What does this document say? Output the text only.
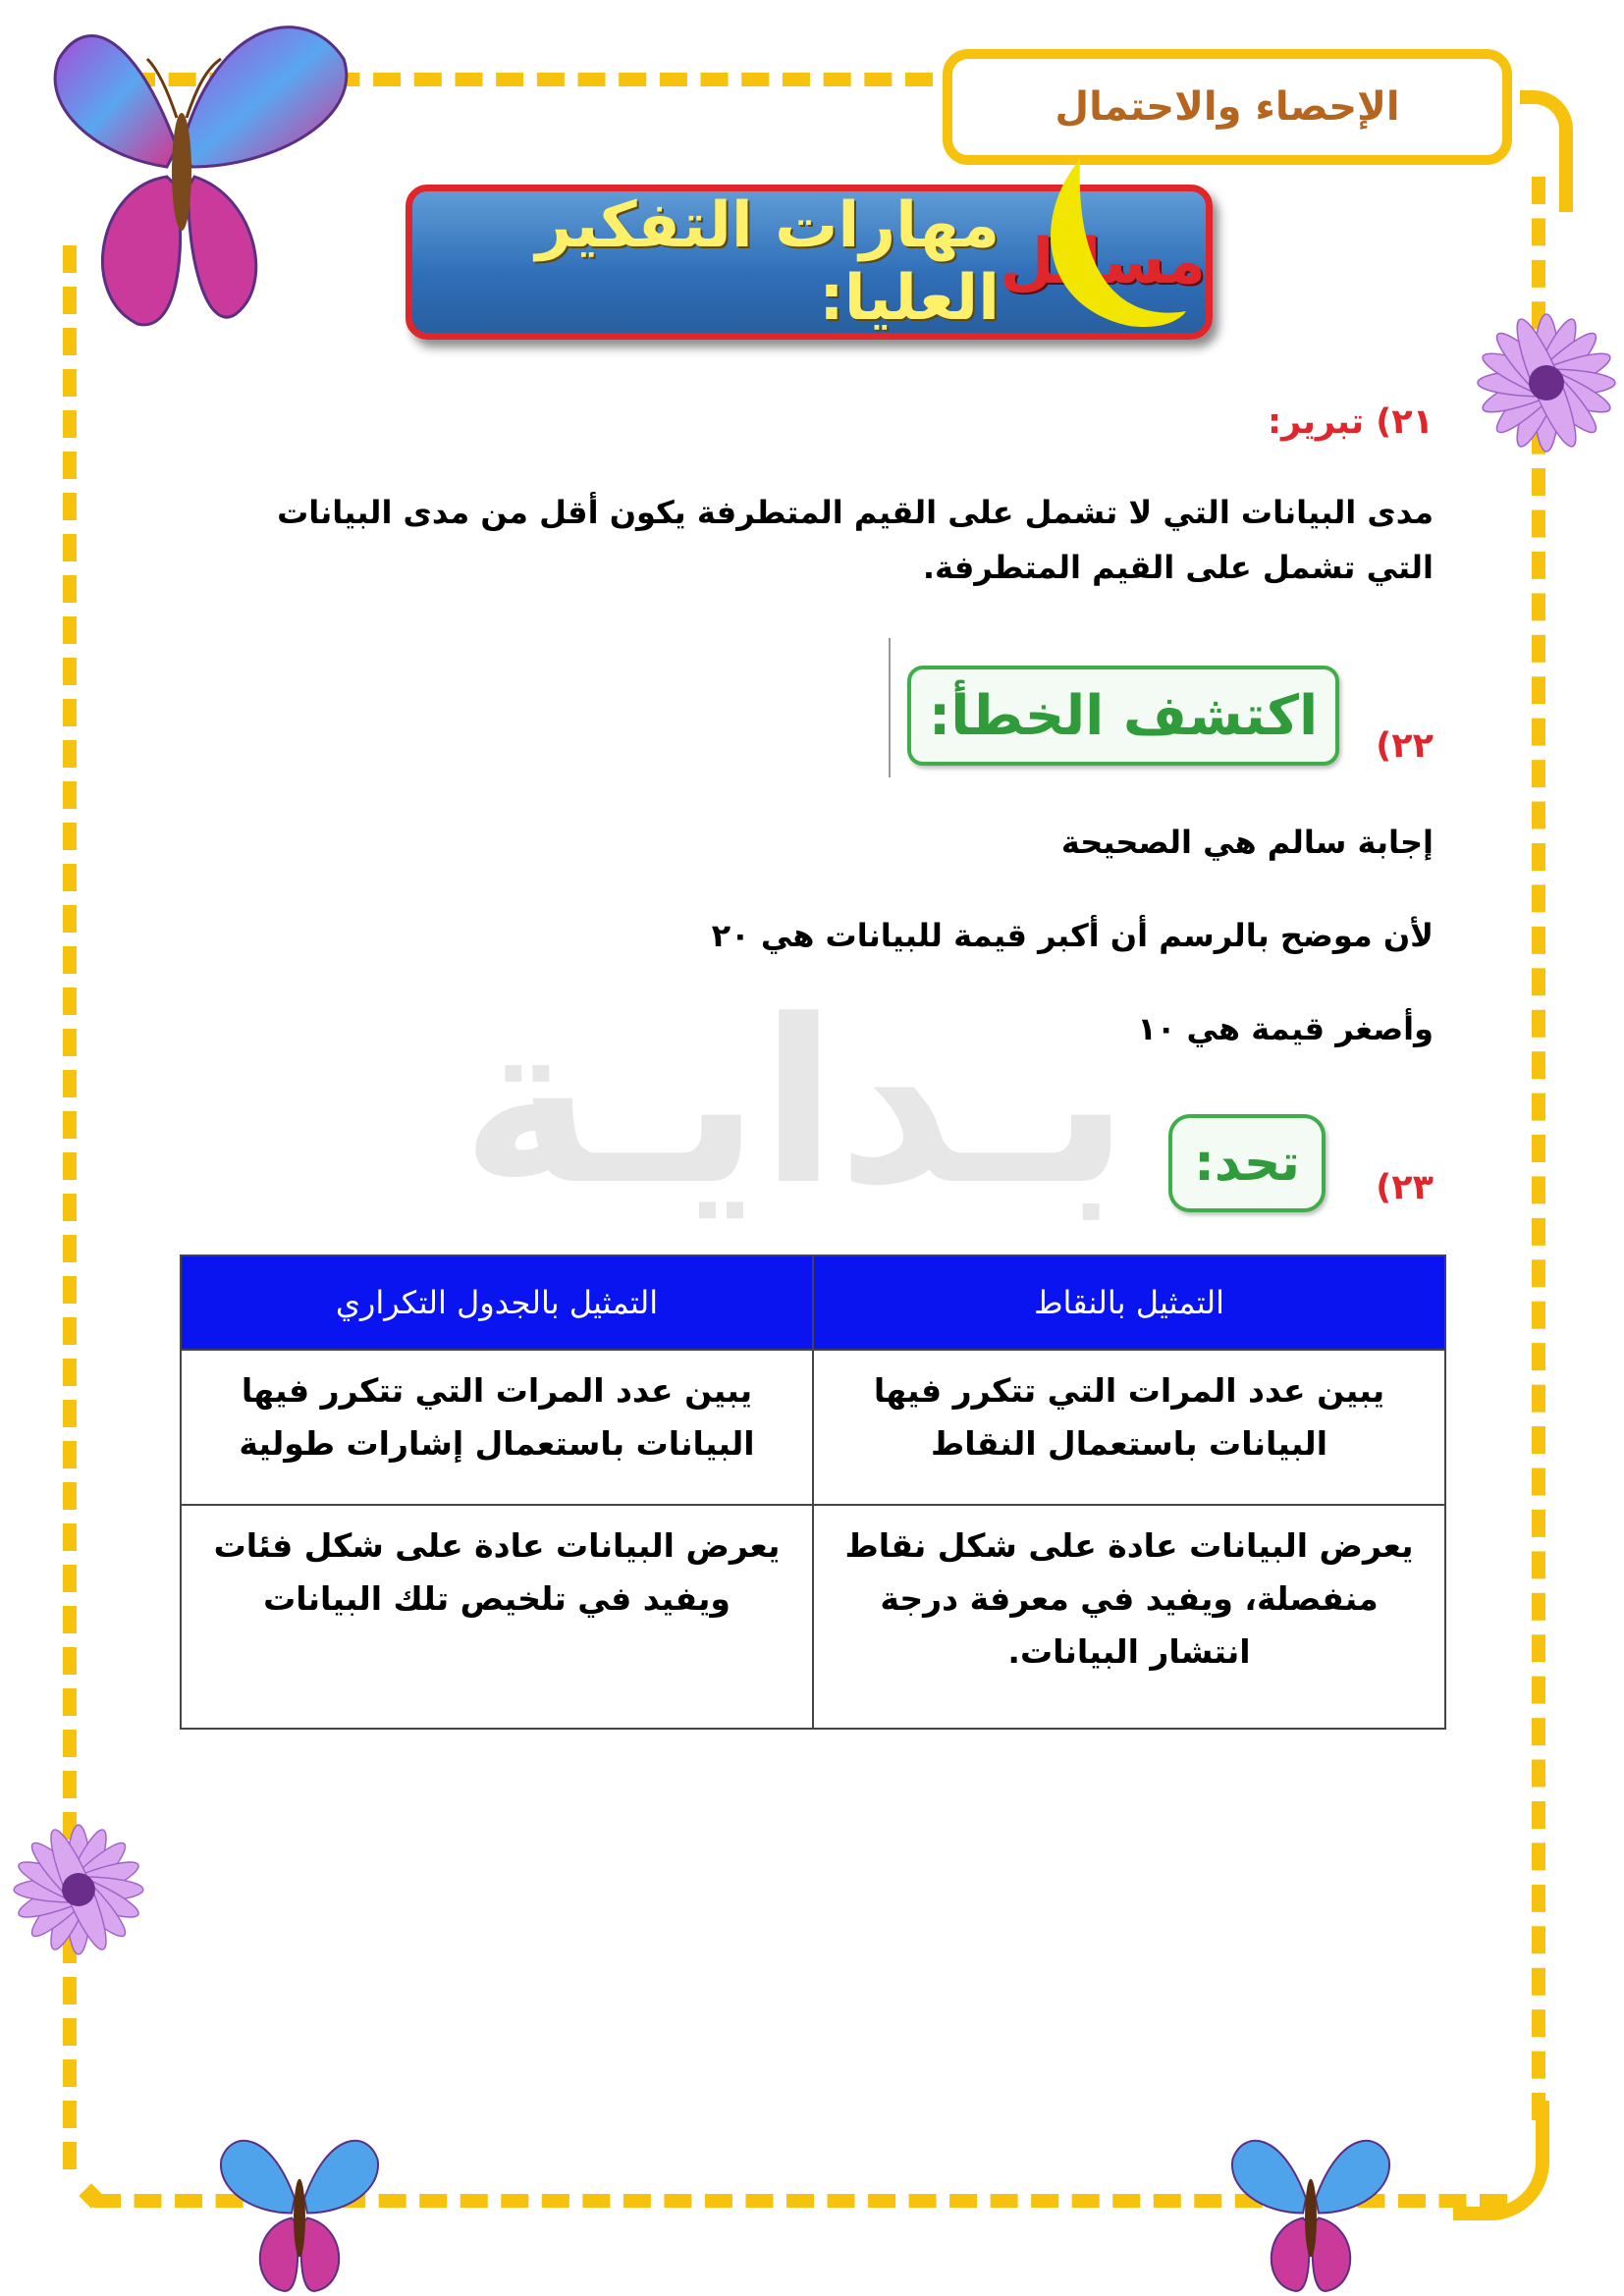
الإحصاء والاحتمال
مسائل
مهارات التفكير العليا:
بـدايـة
٢١) تبرير:
مدى البيانات التي لا تشمل على القيم المتطرفة يكون أقل من مدى البيانات التي تشمل على القيم المتطرفة.
اكتشف الخطأ:	٢٢)
إجابة سالم هي الصحيحة
لأن موضح بالرسم أن أكبر قيمة للبيانات هي ٢٠
وأصغر قيمة هي ١٠
تحد:	٢٣)
التمثيل بالنقاط	التمثيل بالجدول التكراري
يبين عدد المرات التي تتكرر فيها البيانات باستعمال النقاط	يبين عدد المرات التي تتكرر فيها البيانات باستعمال إشارات طولية
يعرض البيانات عادة على شكل نقاط منفصلة، ويفيد في معرفة درجة انتشار البيانات.	يعرض البيانات عادة على شكل فئات ويفيد في تلخيص تلك البيانات
